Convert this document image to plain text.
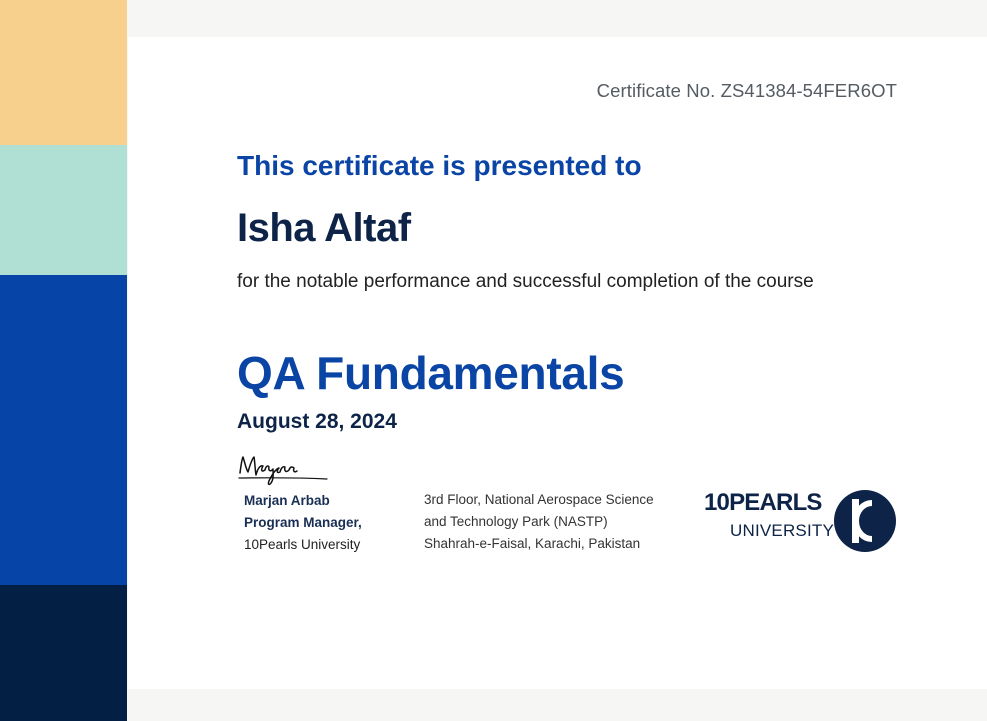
Certificate No. ZS41384-54FER6OT
This certificate is presented to
Isha Altaf
for the notable performance and successful completion of the course
QA Fundamentals
August 28, 2024
Marjan Arbab
Program Manager,
10Pearls University
3rd Floor, National Aerospace Science
and Technology Park (NASTP)
Shahrah-e-Faisal, Karachi, Pakistan
10PEARLS
UNIVERSITY
